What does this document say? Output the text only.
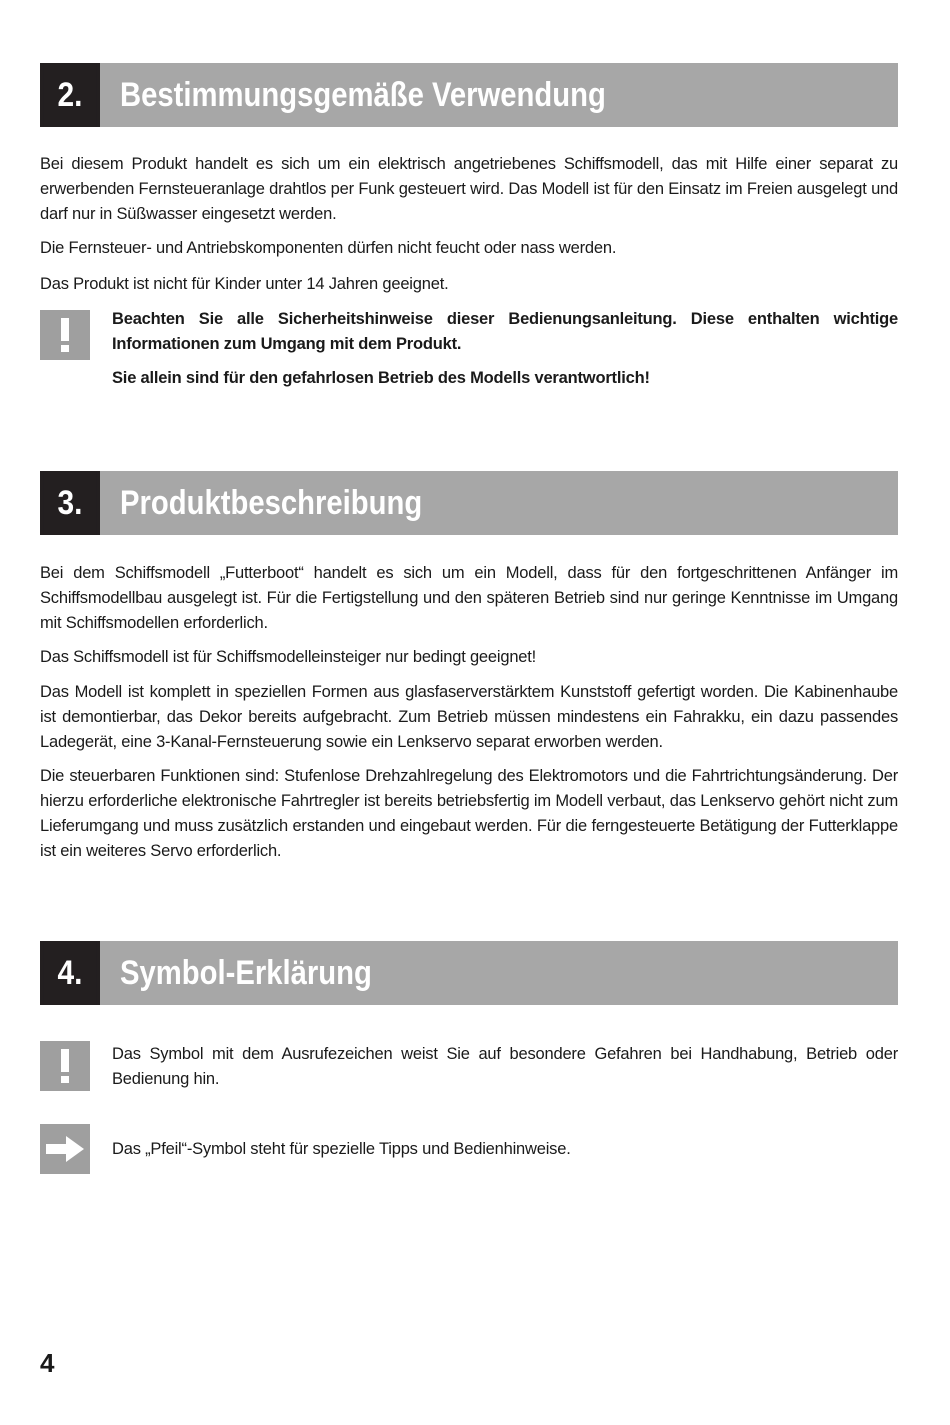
2.	Bestimmungsgemäße Verwendung

Bei diesem Produkt handelt es sich um ein elektrisch angetriebenes Schiffsmodell, das mit Hilfe einer separat zu erwerbenden Fernsteueranlage drahtlos per Funk gesteuert wird. Das Modell ist für den Einsatz im Freien ausgelegt und darf nur in Süßwasser eingesetzt werden.

Die Fernsteuer- und Antriebskomponenten dürfen nicht feucht oder nass werden.

Das Produkt ist nicht für Kinder unter 14 Jahren geeignet.

Beachten Sie alle Sicherheitshinweise dieser Bedienungsanleitung. Diese enthalten wichtige Informationen zum Umgang mit dem Produkt.

Sie allein sind für den gefahrlosen Betrieb des Modells verantwortlich!

3.	Produktbeschreibung

Bei dem Schiffsmodell „Futterboot“ handelt es sich um ein Modell, dass für den fortgeschrittenen Anfänger im Schiffsmodellbau ausgelegt ist. Für die Fertigstellung und den späteren Betrieb sind nur geringe Kenntnisse im Umgang mit Schiffsmodellen erforderlich.

Das Schiffsmodell ist für Schiffsmodelleinsteiger nur bedingt geeignet!

Das Modell ist komplett in speziellen Formen aus glasfaserverstärktem Kunststoff gefertigt worden. Die Kabinenhaube ist demontierbar, das Dekor bereits aufgebracht. Zum Betrieb müssen mindestens ein Fahrakku, ein dazu passendes Ladegerät, eine 3-Kanal-Fernsteuerung sowie ein Lenkservo separat erworben werden.

Die steuerbaren Funktionen sind: Stufenlose Drehzahlregelung des Elektromotors und die Fahrtrichtungsänderung. Der hierzu erforderliche elektronische Fahrtregler ist bereits betriebsfertig im Modell verbaut, das Lenkservo gehört nicht zum Lieferumgang und muss zusätzlich erstanden und eingebaut werden. Für die ferngesteuerte Betätigung der Futterklappe ist ein weiteres Servo erforderlich.

4.	Symbol-Erklärung

Das Symbol mit dem Ausrufezeichen weist Sie auf besondere Gefahren bei Handhabung, Betrieb oder Bedienung hin.

Das „Pfeil“-Symbol steht für spezielle Tipps und Bedienhinweise.

4
